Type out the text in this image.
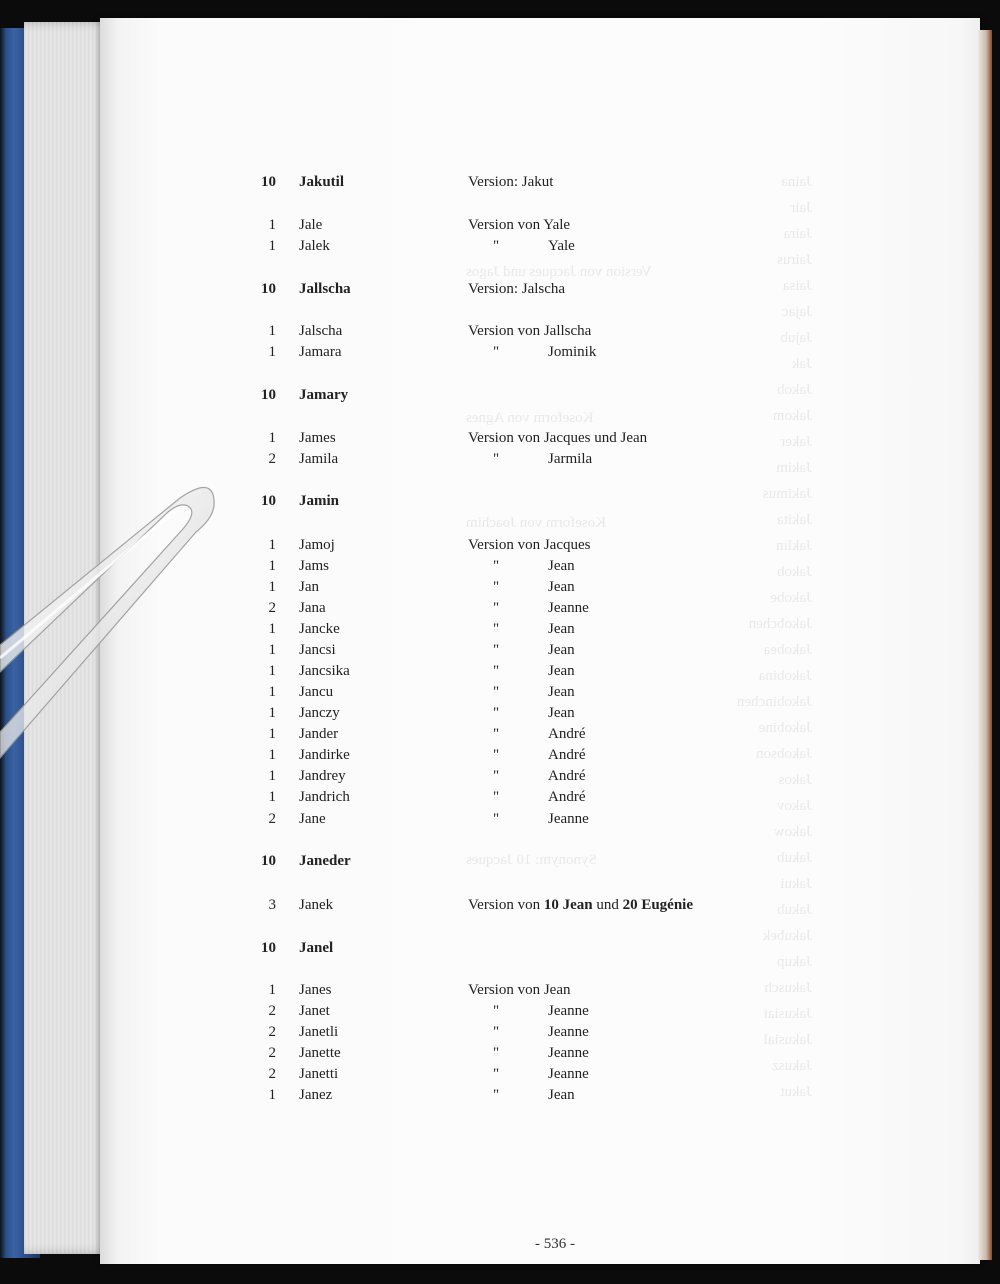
Version von Jacques und Jagos
Koseform von Agnes
Koseform von Joachim
Synonym: 10 Jacques
Jaina
Jair
Jaira
Jairus
Jaisa
Jajac
Jajub
Jak
Jakob
Jakom
Jaker
Jakim
Jakimus
Jakita
Jaklin
Jakob
Jakobe
Jakobchen
Jakobea
Jakobina
Jakobinchen
Jakobine
Jakobson
Jakos
Jakov
Jakow
Jakub
Jakui
Jakub
Jakubek
Jakup
Jakusch
Jakusiai
Jakusial
Jakusz
Jakut
10 Jakutil	Version: Jakut
1 Jale	Version von Yale
1 Jalek	"	Yale
10 Jallscha	Version: Jalscha
1 Jalscha	Version von Jallscha
1 Jamara	"	Jominik
10 Jamary
1 James	Version von Jacques und Jean
2 Jamila	"	Jarmila
10 Jamin
1 Jamoj	Version von Jacques
1 Jams	"	Jean
1 Jan	"	Jean
2 Jana	"	Jeanne
1 Jancke	"	Jean
1 Jancsi	"	Jean
1 Jancsika	"	Jean
1 Jancu	"	Jean
1 Janczy	"	Jean
1 Jander	"	André
1 Jandirke	"	André
1 Jandrey	"	André
1 Jandrich	"	André
2 Jane	"	Jeanne
10 Janeder
3 Janek	Version von 10 Jean und 20 Eugénie
10 Janel
1 Janes	Version von Jean
2 Janet	"	Jeanne
2 Janetli	"	Jeanne
2 Janette	"	Jeanne
2 Janetti	"	Jeanne
1 Janez	"	Jean
- 536 -
